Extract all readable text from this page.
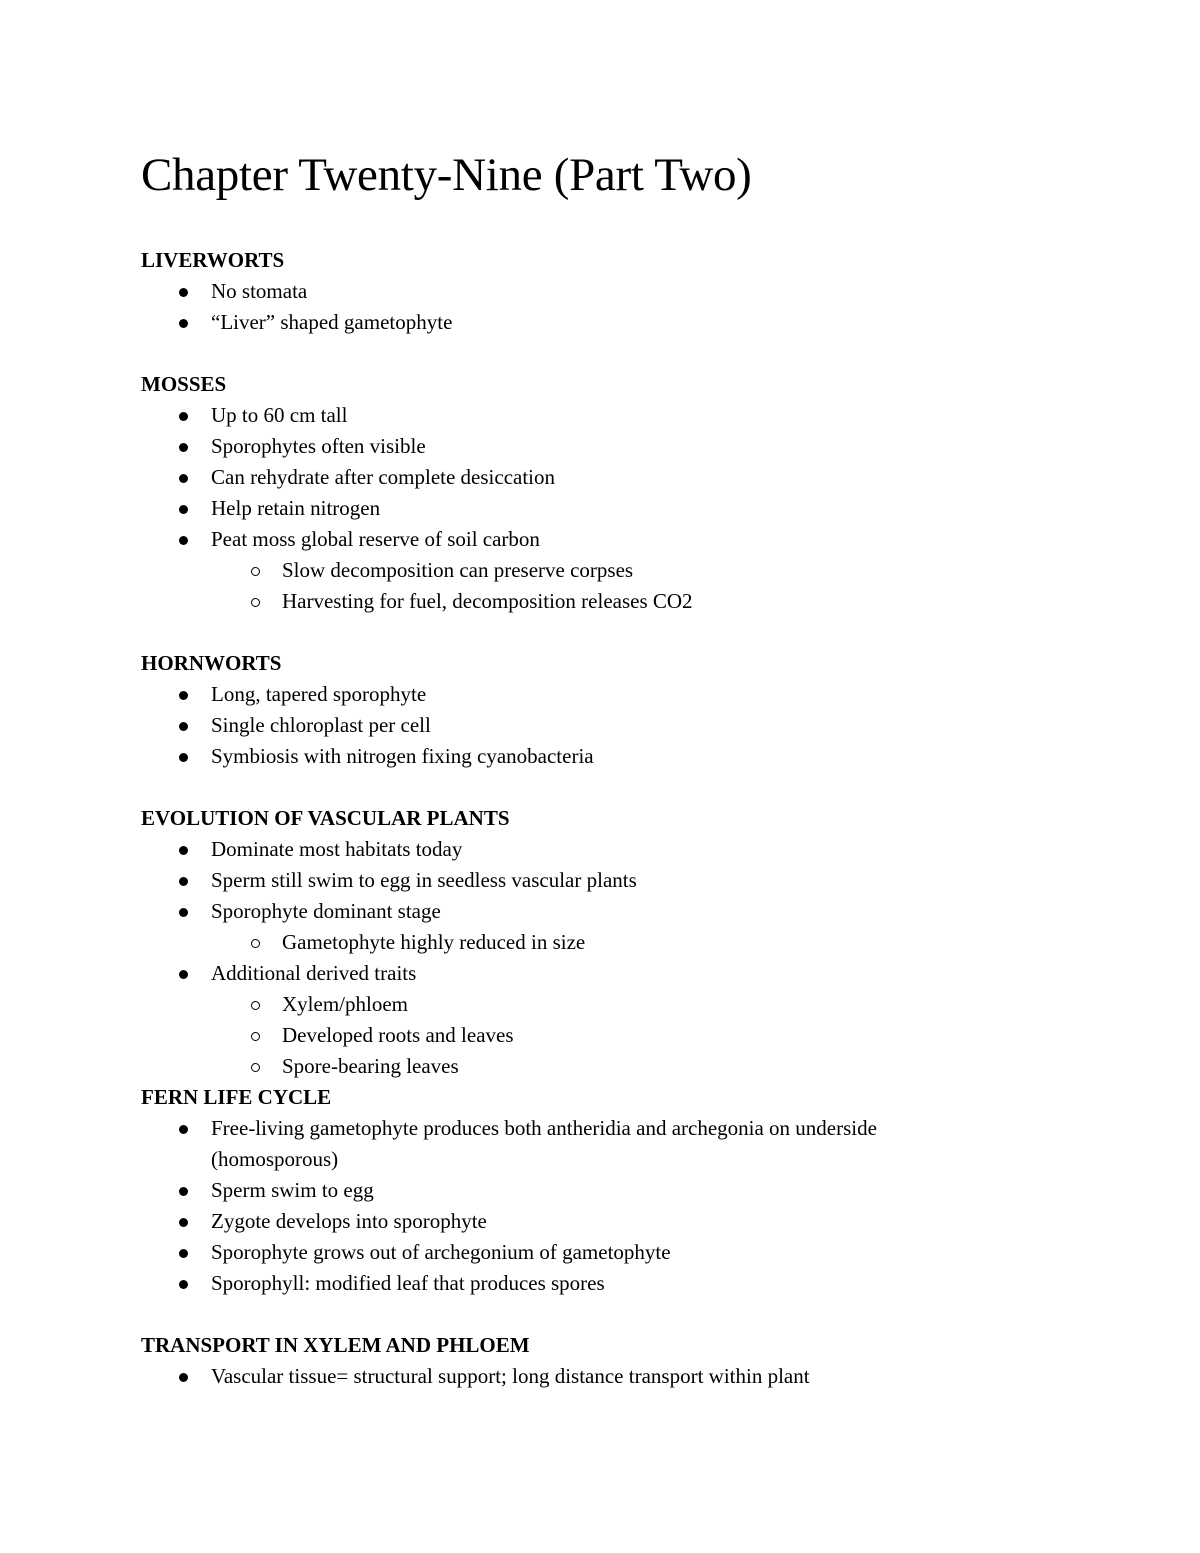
Chapter Twenty-Nine (Part Two)
LIVERWORTS
No stomata
“Liver” shaped gametophyte
MOSSES
Up to 60 cm tall
Sporophytes often visible
Can rehydrate after complete desiccation
Help retain nitrogen
Peat moss global reserve of soil carbon
Slow decomposition can preserve corpses
Harvesting for fuel, decomposition releases CO2
HORNWORTS
Long, tapered sporophyte
Single chloroplast per cell
Symbiosis with nitrogen fixing cyanobacteria
EVOLUTION OF VASCULAR PLANTS
Dominate most habitats today
Sperm still swim to egg in seedless vascular plants
Sporophyte dominant stage
Gametophyte highly reduced in size
Additional derived traits
Xylem/phloem
Developed roots and leaves
Spore-bearing leaves
FERN LIFE CYCLE
Free-living gametophyte produces both antheridia and archegonia on underside (homosporous)
Sperm swim to egg
Zygote develops into sporophyte
Sporophyte grows out of archegonium of gametophyte
Sporophyll: modified leaf that produces spores
TRANSPORT IN XYLEM AND PHLOEM
Vascular tissue= structural support; long distance transport within plant
